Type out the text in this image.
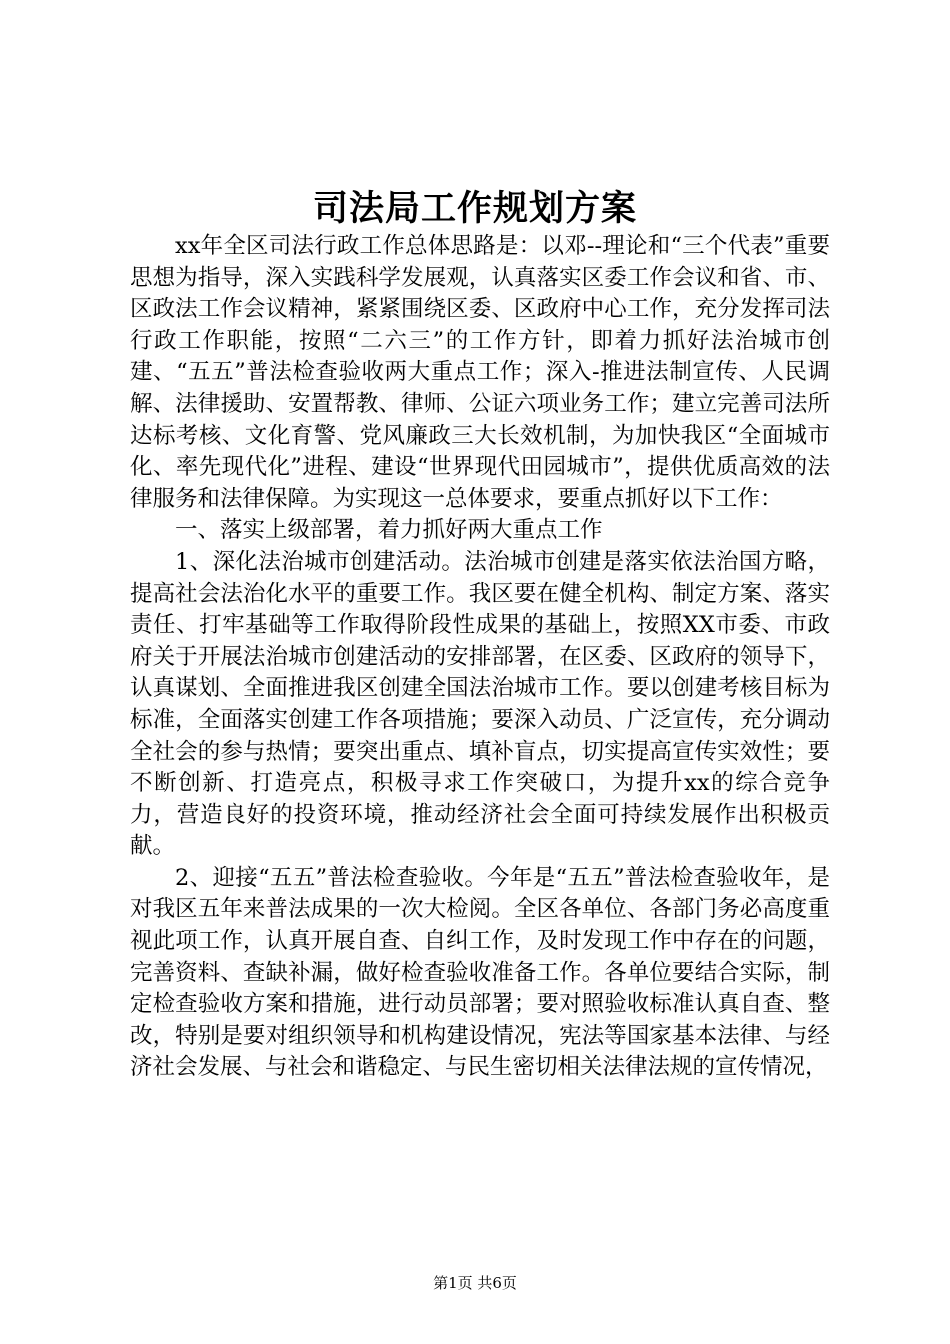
司法局工作规划方案

xx年全区司法行政工作总体思路是：以邓--理论和“三个代表”重要思想为指导，深入实践科学发展观，认真落实区委工作会议和省、市、区政法工作会议精神，紧紧围绕区委、区政府中心工作，充分发挥司法行政工作职能，按照“二六三”的工作方针，即着力抓好法治城市创建、“五五”普法检查验收两大重点工作；深入-推进法制宣传、人民调解、法律援助、安置帮教、律师、公证六项业务工作；建立完善司法所达标考核、文化育警、党风廉政三大长效机制，为加快我区“全面城市化、率先现代化”进程、建设“世界现代田园城市”，提供优质高效的法律服务和法律保障。为实现这一总体要求，要重点抓好以下工作：

一、落实上级部署，着力抓好两大重点工作

1、深化法治城市创建活动。法治城市创建是落实依法治国方略，提高社会法治化水平的重要工作。我区要在健全机构、制定方案、落实责任、打牢基础等工作取得阶段性成果的基础上，按照XX市委、市政府关于开展法治城市创建活动的安排部署，在区委、区政府的领导下，认真谋划、全面推进我区创建全国法治城市工作。要以创建考核目标为标准，全面落实创建工作各项措施；要深入动员、广泛宣传，充分调动全社会的参与热情；要突出重点、填补盲点，切实提高宣传实效性；要不断创新、打造亮点，积极寻求工作突破口，为提升xx的综合竞争力，营造良好的投资环境，推动经济社会全面可持续发展作出积极贡献。

2、迎接“五五”普法检查验收。今年是“五五”普法检查验收年，是对我区五年来普法成果的一次大检阅。全区各单位、各部门务必高度重视此项工作，认真开展自查、自纠工作，及时发现工作中存在的问题，完善资料、查缺补漏，做好检查验收准备工作。各单位要结合实际，制定检查验收方案和措施，进行动员部署；要对照验收标准认真自查、整改，特别是要对组织领导和机构建设情况，宪法等国家基本法律、与经济社会发展、与社会和谐稳定、与民生密切相关法律法规的宣传情况，

第1页 共6页
